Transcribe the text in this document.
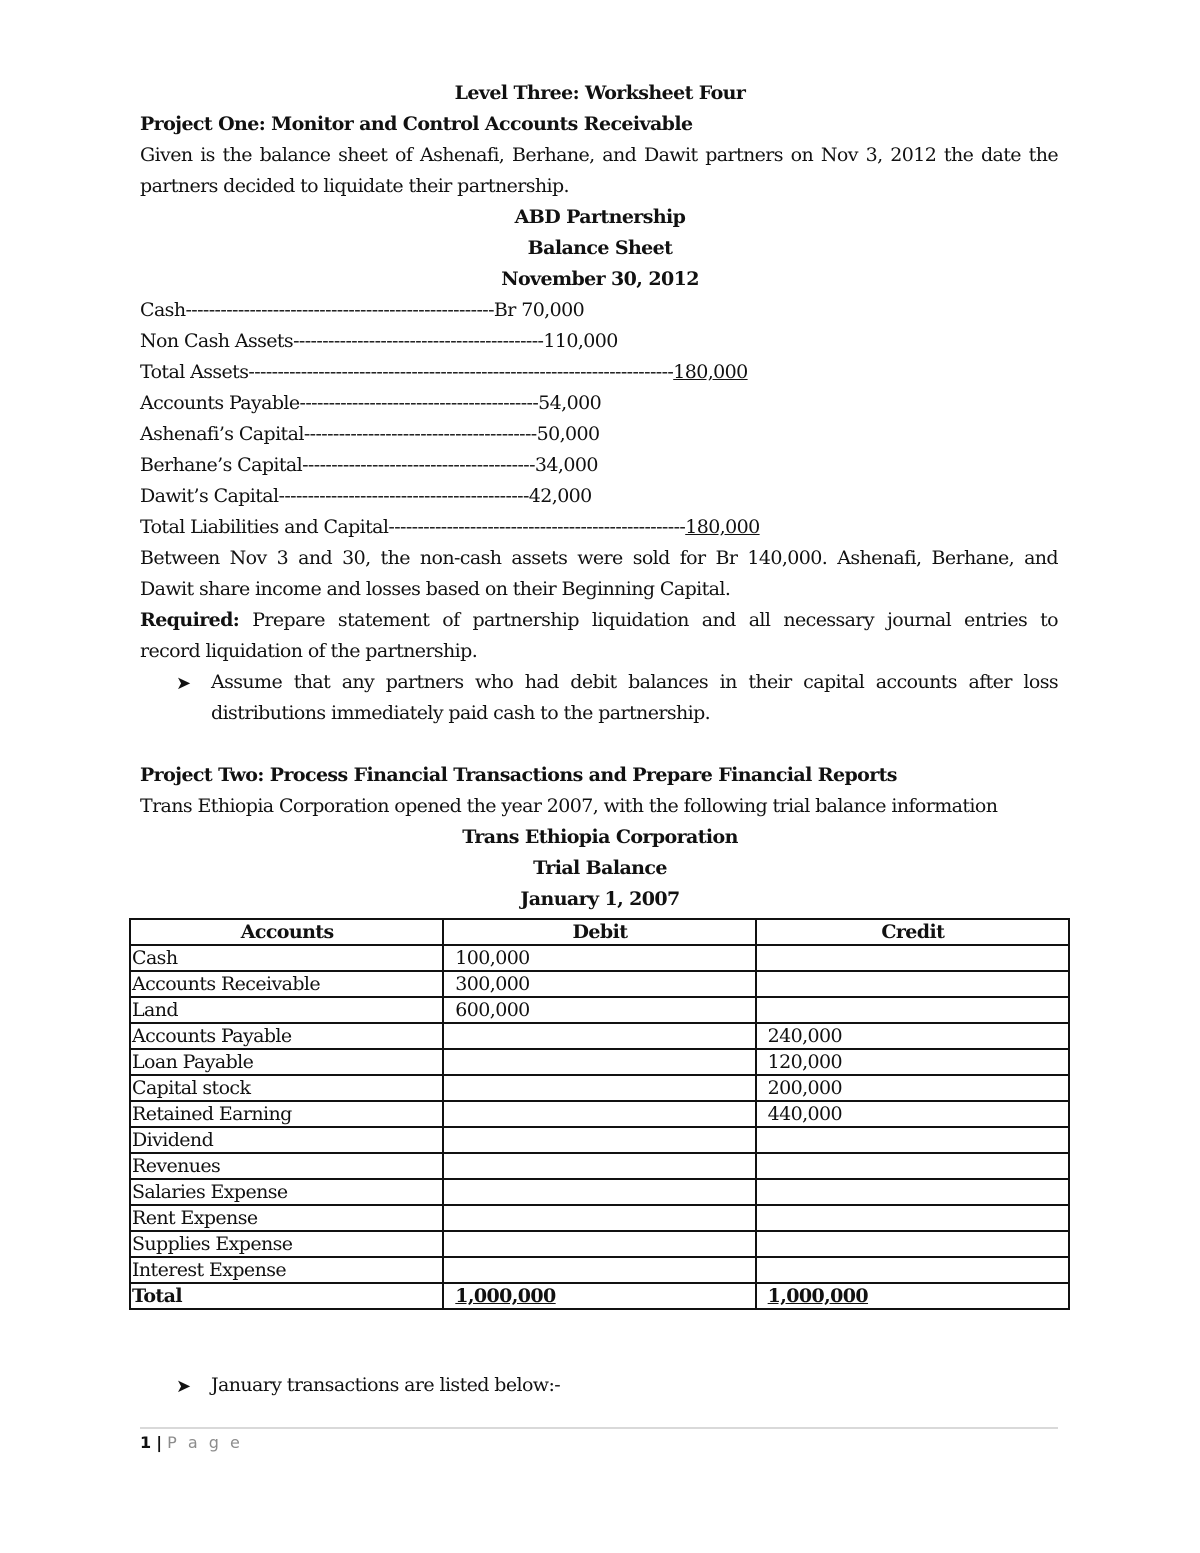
Level Three: Worksheet Four
Project One: Monitor and Control Accounts Receivable
Given is the balance sheet of Ashenafi, Berhane, and Dawit partners on Nov 3, 2012 the date the
partners decided to liquidate their partnership.
ABD Partnership
Balance Sheet
November 30, 2012
Cash-----------------------------------------------------Br 70,000
Non Cash Assets-------------------------------------------110,000
Total Assets-------------------------------------------------------------------------180,000
Accounts Payable-----------------------------------------54,000
Ashenafi’s Capital----------------------------------------50,000
Berhane’s Capital----------------------------------------34,000
Dawit’s Capital-------------------------------------------42,000
Total Liabilities and Capital---------------------------------------------------180,000
Between Nov 3 and 30, the non-cash assets were sold for Br 140,000. Ashenafi, Berhane, and
Dawit share income and losses based on their Beginning Capital.
Required: Prepare statement of partnership liquidation and all necessary journal entries to
record liquidation of the partnership.
➤ Assume that any partners who had debit balances in their capital accounts after loss
distributions immediately paid cash to the partnership.
Project Two: Process Financial Transactions and Prepare Financial Reports
Trans Ethiopia Corporation opened the year 2007, with the following trial balance information
Trans Ethiopia Corporation
Trial Balance
January 1, 2007
Accounts	Debit	Credit
Cash	100,000	
Accounts Receivable	300,000	
Land	600,000	
Accounts Payable		240,000
Loan Payable		120,000
Capital stock		200,000
Retained Earning		440,000
Dividend		
Revenues		
Salaries Expense		
Rent Expense		
Supplies Expense		
Interest Expense		
Total	1,000,000	1,000,000
➤ January transactions are listed below:-
1 | P a g e
